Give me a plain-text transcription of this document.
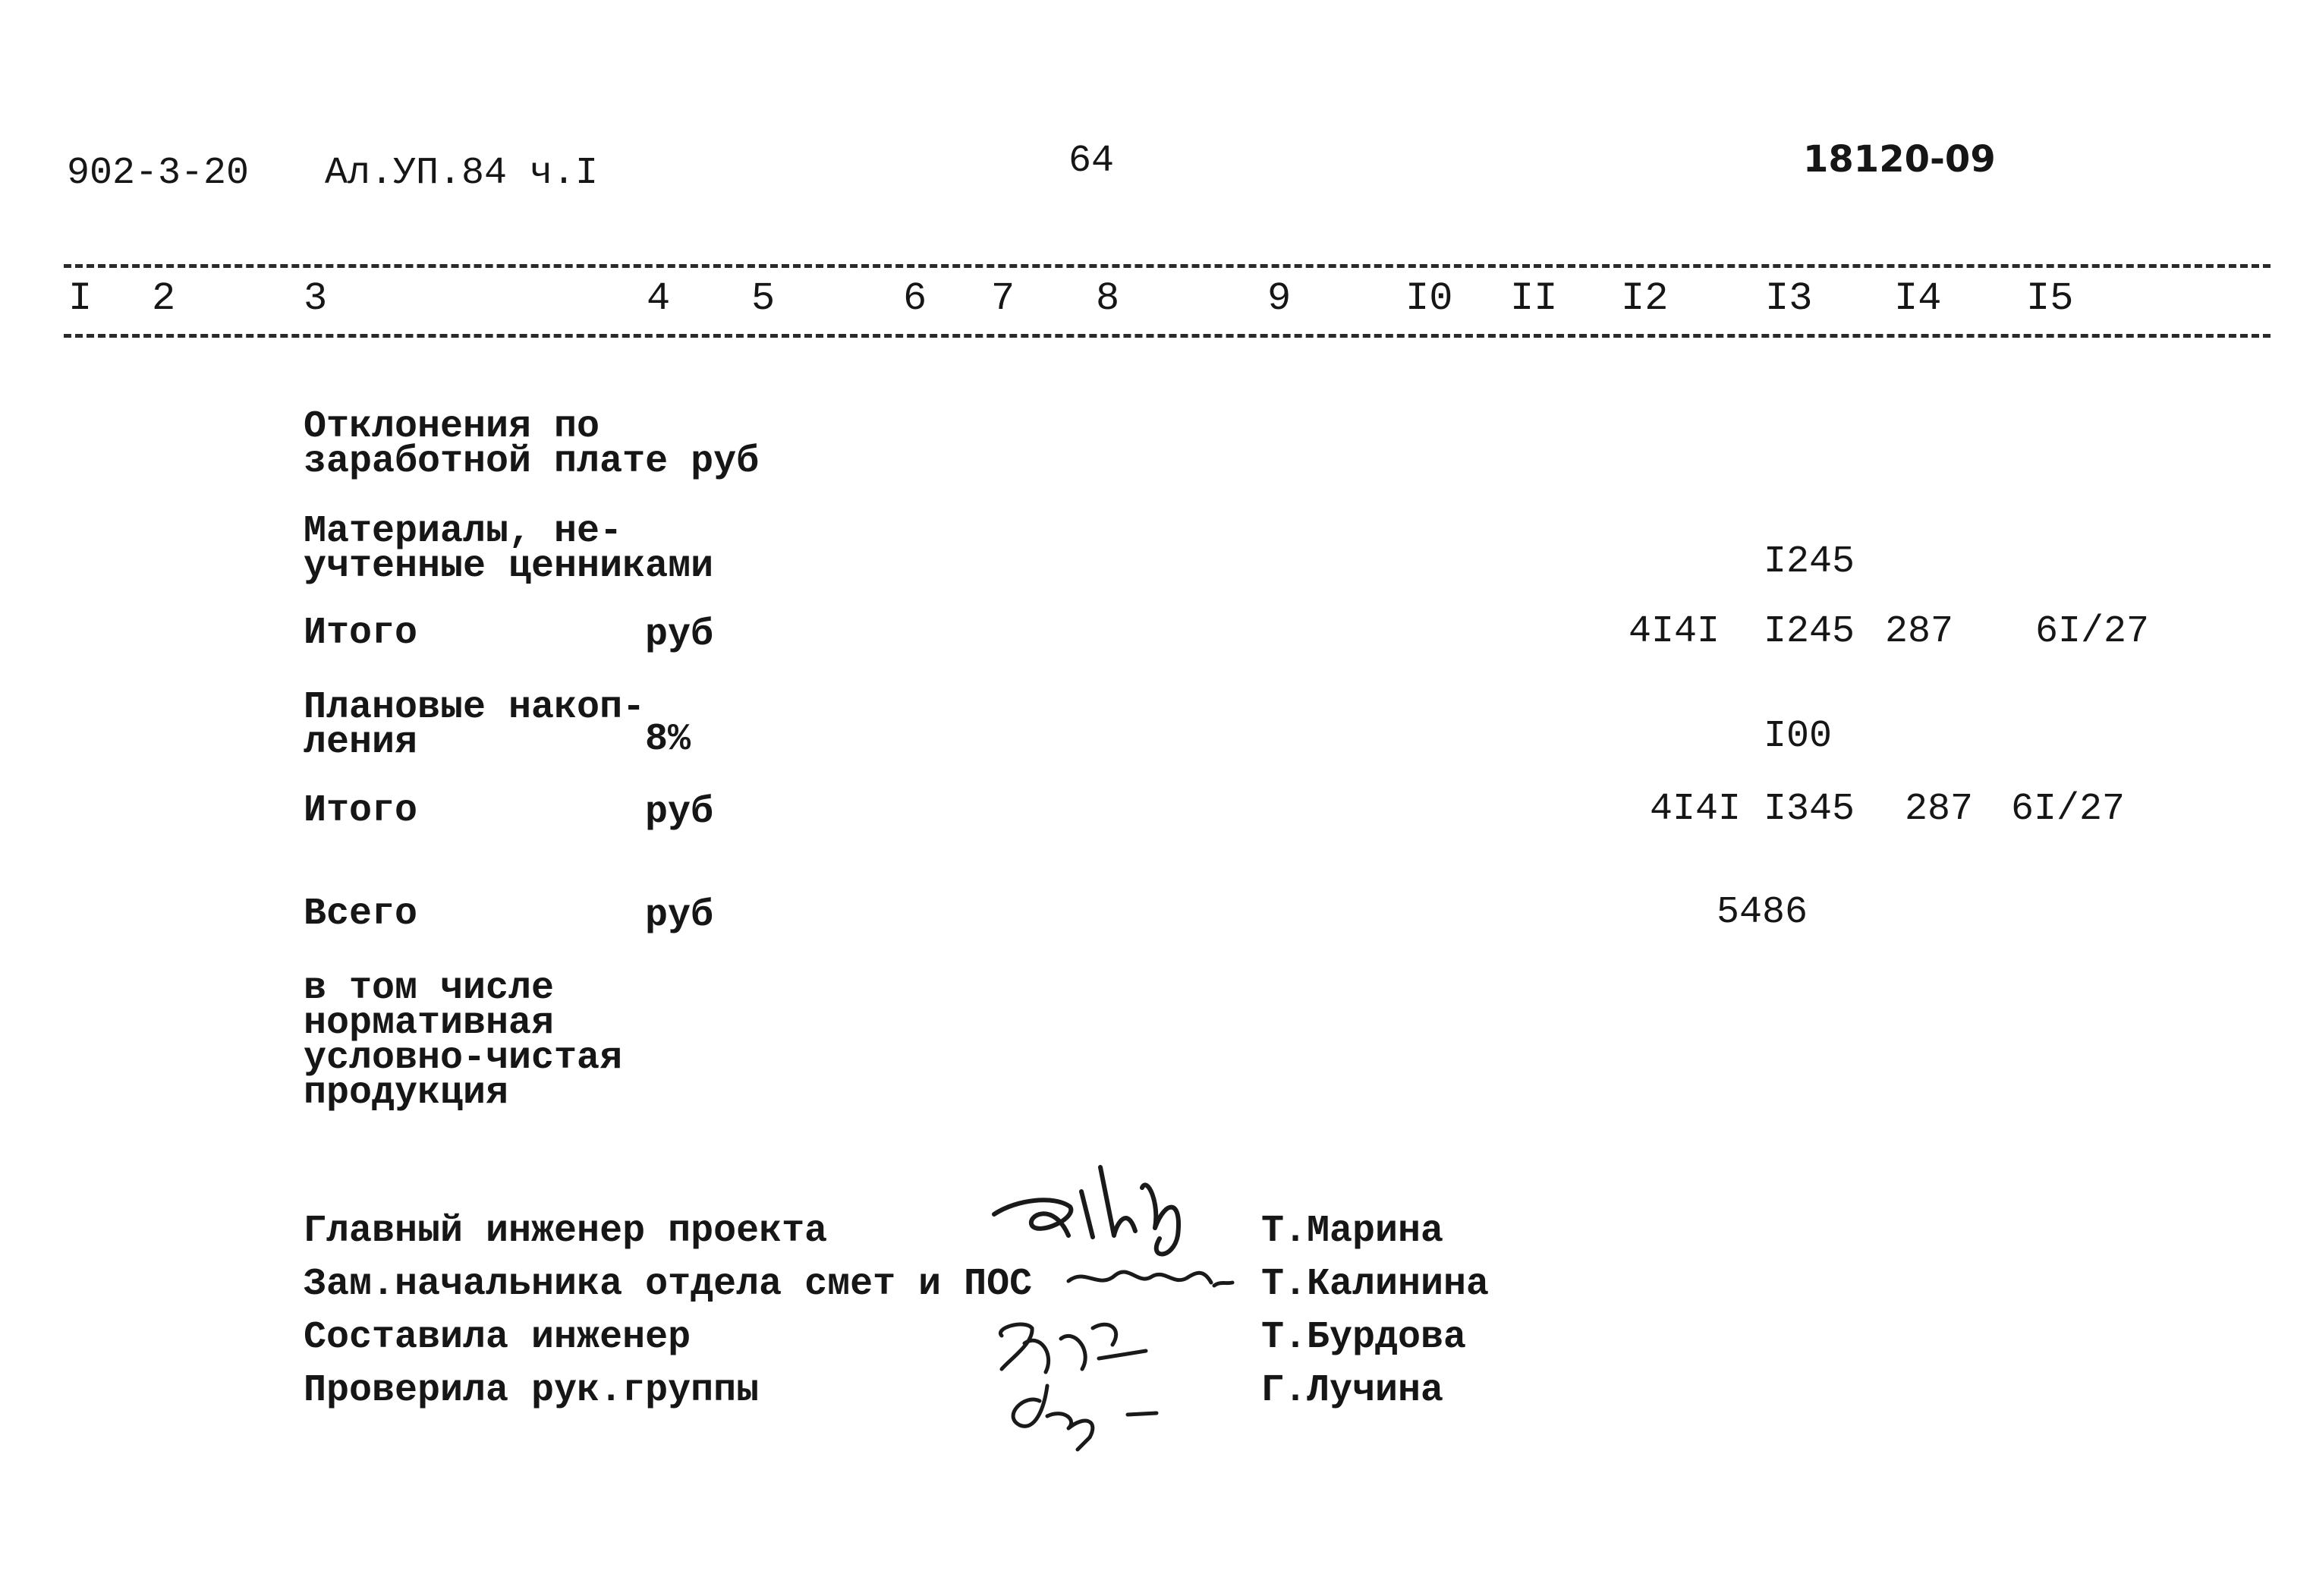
902-3-20 Ал.УП.84 ч.I	64	18120-09
I 2	3	4 5	6 7 8	9	I0 II I2 I3 I4 I5
Отклонения по
заработной плате руб
Материалы, не-
учтенные ценниками	I245
Итого	руб	4I4I I245 287 6I/27
Плановые накоп-
ления	8%	I00
Итого	руб	4I4I I345 287 6I/27
Всего	руб	5486
в том числе
нормативная
условно-чистая
продукция
Главный инженер проекта	Т.Марина
Зам.начальника отдела смет и ПОС	Т.Калинина
Составила инженер	Т.Бурдова
Проверила рук.группы	Г.Лучина
